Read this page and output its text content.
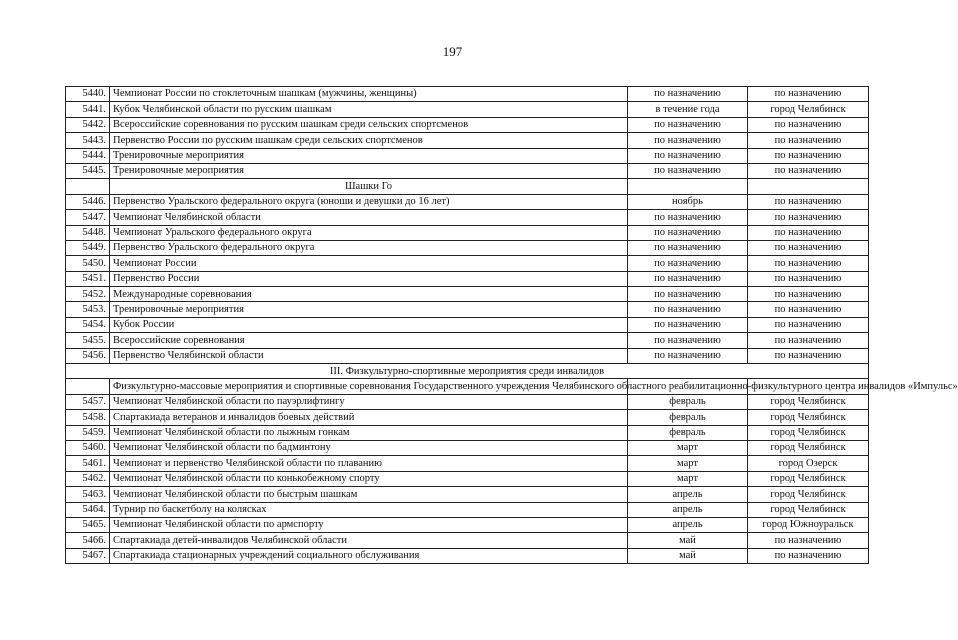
197
5440.	Чемпионат России по стоклеточным шашкам (мужчины, женщины)	по назначению	по назначению
5441.	Кубок Челябинской области по русским шашкам	в течение года	город Челябинск
5442.	Всероссийские соревнования по русским шашкам среди сельских спортсменов	по назначению	по назначению
5443.	Первенство России по русским шашкам среди сельских спортсменов	по назначению	по назначению
5444.	Тренировочные мероприятия	по назначению	по назначению
5445.	Тренировочные мероприятия	по назначению	по назначению
	Шашки Го		
5446.	Первенство Уральского федерального округа (юноши и девушки до 16 лет)	ноябрь	по назначению
5447.	Чемпионат Челябинской области	по назначению	по назначению
5448.	Чемпионат Уральского федерального округа	по назначению	по назначению
5449.	Первенство Уральского федерального округа	по назначению	по назначению
5450.	Чемпионат России	по назначению	по назначению
5451.	Первенство России	по назначению	по назначению
5452.	Международные соревнования	по назначению	по назначению
5453.	Тренировочные мероприятия	по назначению	по назначению
5454.	Кубок России	по назначению	по назначению
5455.	Всероссийские соревнования	по назначению	по назначению
5456.	Первенство Челябинской области	по назначению	по назначению
III. Физкультурно-спортивные мероприятия среди инвалидов			
	Физкультурно-массовые мероприятия и спортивные соревнования Государственного учреждения Челябинского областного реабилитационно-физкультурного центра инвалидов «Импульс»		
5457.	Чемпионат Челябинской области по пауэрлифтингу	февраль	город Челябинск
5458.	Спартакиада ветеранов и инвалидов боевых действий	февраль	город Челябинск
5459.	Чемпионат Челябинской области по лыжным гонкам	февраль	город Челябинск
5460.	Чемпионат Челябинской области по бадминтону	март	город Челябинск
5461.	Чемпионат и первенство Челябинской области по плаванию	март	город Озерск
5462.	Чемпионат Челябинской области по конькобежному спорту	март	город Челябинск
5463.	Чемпионат Челябинской области по быстрым шашкам	апрель	город Челябинск
5464.	Турнир по баскетболу на колясках	апрель	город Челябинск
5465.	Чемпионат Челябинской области по армспорту	апрель	город Южноуральск
5466.	Спартакиада детей-инвалидов Челябинской области	май	по назначению
5467.	Спартакиада стационарных учреждений социального обслуживания	май	по назначению
